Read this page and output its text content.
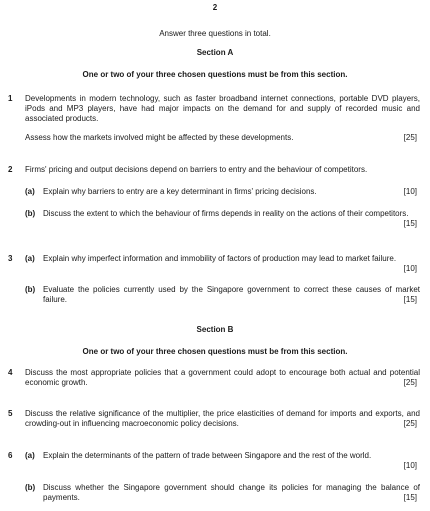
2
Answer three questions in total.
Section A
One or two of your three chosen questions must be from this section.
1 Developments in modern technology, such as faster broadband internet connections, portable DVD players, iPods and MP3 players, have had major impacts on the demand for and supply of recorded music and associated products.
Assess how the markets involved might be affected by these developments.	[25]
2 Firms' pricing and output decisions depend on barriers to entry and the behaviour of competitors.
(a) Explain why barriers to entry are a key determinant in firms' pricing decisions.	[10]
(b) Discuss the extent to which the behaviour of firms depends in reality on the actions of their competitors.
[15]
3 (a) Explain why imperfect information and immobility of factors of production may lead to market failure.
[10]
(b) Evaluate the policies currently used by the Singapore government to correct these causes of market failure.	[15]
Section B
One or two of your three chosen questions must be from this section.
4 Discuss the most appropriate policies that a government could adopt to encourage both actual and potential economic growth.	[25]
5 Discuss the relative significance of the multiplier, the price elasticities of demand for imports and exports, and crowding-out in influencing macroeconomic policy decisions.	[25]
6 (a) Explain the determinants of the pattern of trade between Singapore and the rest of the world.
[10]
(b) Discuss whether the Singapore government should change its policies for managing the balance of payments.	[15]
